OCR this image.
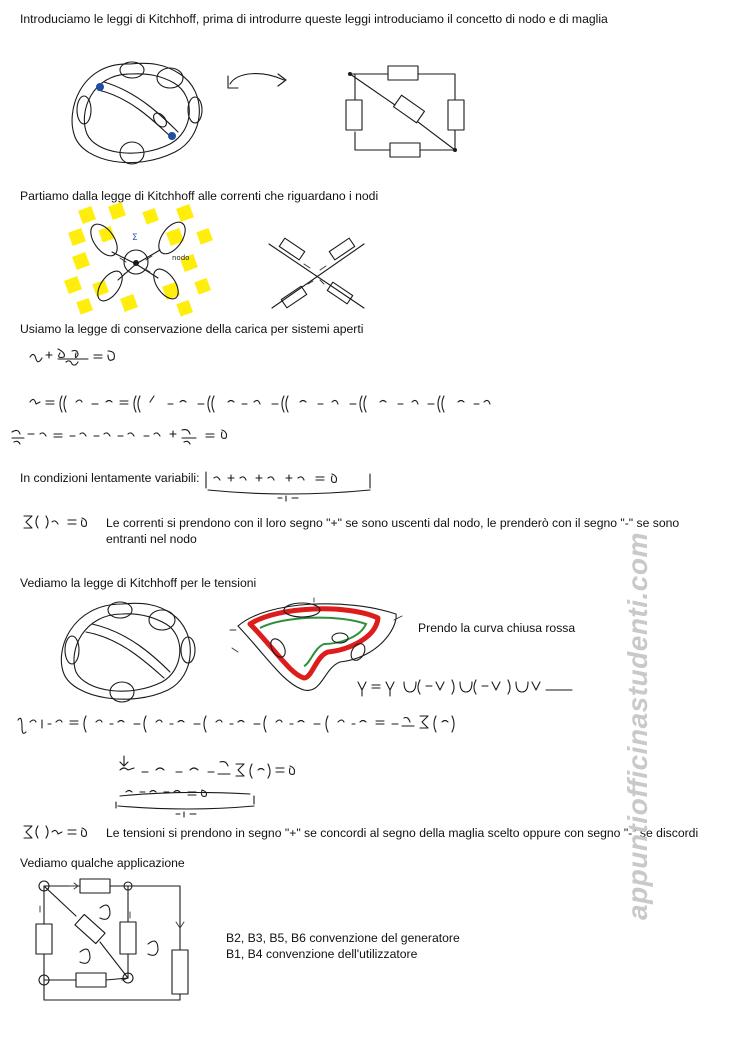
Introduciamo le leggi di Kitchhoff, prima di introdurre queste leggi introduciamo il concetto di nodo e di maglia
Partiamo dalla legge di Kitchhoff alle correnti che riguardano i nodi
Usiamo la legge di conservazione della carica per sistemi aperti
In condizioni lentamente variabili:
Le correnti si prendono con il loro segno "+" se sono uscenti dal nodo, le prenderò con il segno "-" se sono
entranti nel nodo
Vediamo la legge di Kitchhoff per le tensioni
Prendo la curva chiusa rossa
Le tensioni si prendono in segno "+" se concordi al segno della maglia scelto oppure con segno "-" se discordi
Vediamo qualche applicazione
B2, B3, B5, B6 convenzione del generatore
B1, B4 convenzione dell'utilizzatore
appuntiofficinastudenti.com
Σ
nodo
